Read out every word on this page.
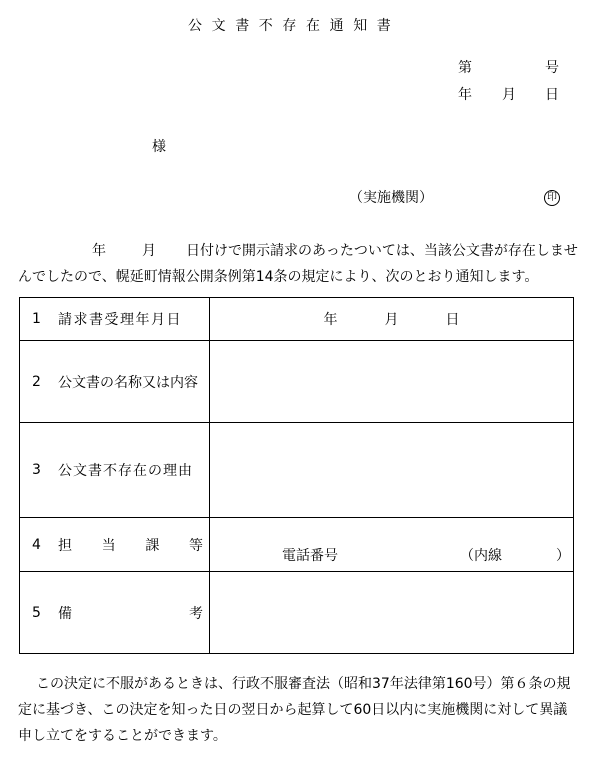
公文書不存在通知書
第	号
年 月 日
様
（実施機関）	印
年	月 日付けで開示請求のあったついては、当該公文書が存在しませ
んでしたので、幌延町情報公開条例第14条の規定により、次のとおり通知します。
1 請求書受理年月日	年 月 日

2 公文書の名称又は内容	

3 公文書不存在の理由	

4 担 当 課 等	電話番号 （内線 ）

5 備 考	

この決定に不服があるときは、行政不服審査法（昭和37年法律第160号）第６条の規
定に基づき、この決定を知った日の翌日から起算して60日以内に実施機関に対して異議
申し立てをすることができます。
